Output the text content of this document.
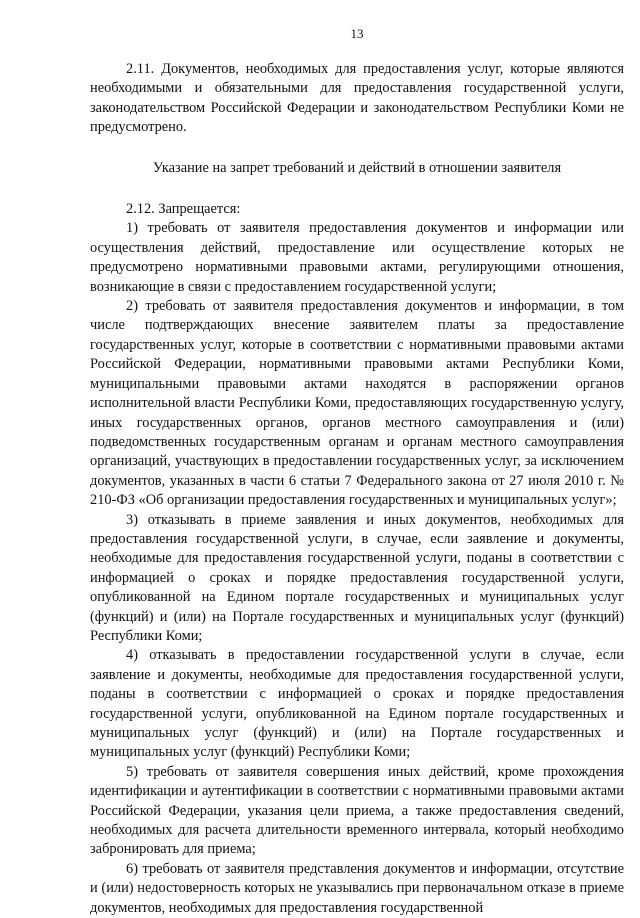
13

2.11. Документов, необходимых для предоставления услуг, которые являются необходимыми и обязательными для предоставления государственной услуги, законодательством Российской Федерации и законодательством Республики Коми не предусмотрено.

Указание на запрет требований и действий в отношении заявителя

2.12. Запрещается:

1) требовать от заявителя предоставления документов и информации или осуществления действий, предоставление или осуществление которых не предусмотрено нормативными правовыми актами, регулирующими отношения, возникающие в связи с предоставлением государственной услуги;

2) требовать от заявителя предоставления документов и информации, в том числе подтверждающих внесение заявителем платы за предоставление государственных услуг, которые в соответствии с нормативными правовыми актами Российской Федерации, нормативными правовыми актами Республики Коми, муниципальными правовыми актами находятся в распоряжении органов исполнительной власти Республики Коми, предоставляющих государственную услугу, иных государственных органов, органов местного самоуправления и (или) подведомственных государственным органам и органам местного самоуправления организаций, участвующих в предоставлении государственных услуг, за исключением документов, указанных в части 6 статьи 7 Федерального закона от 27 июля 2010 г. № 210-ФЗ «Об организации предоставления государственных и муниципальных услуг»;

3) отказывать в приеме заявления и иных документов, необходимых для предоставления государственной услуги, в случае, если заявление и документы, необходимые для предоставления государственной услуги, поданы в соответствии с информацией о сроках и порядке предоставления государственной услуги, опубликованной на Едином портале государственных и муниципальных услуг (функций) и (или) на Портале государственных и муниципальных услуг (функций) Республики Коми;

4) отказывать в предоставлении государственной услуги в случае, если заявление и документы, необходимые для предоставления государственной услуги, поданы в соответствии с информацией о сроках и порядке предоставления государственной услуги, опубликованной на Едином портале государственных и муниципальных услуг (функций) и (или) на Портале государственных и муниципальных услуг (функций) Республики Коми;

5) требовать от заявителя совершения иных действий, кроме прохождения идентификации и аутентификации в соответствии с нормативными правовыми актами Российской Федерации, указания цели приема, а также предоставления сведений, необходимых для расчета длительности временного интервала, который необходимо забронировать для приема;

6) требовать от заявителя представления документов и информации, отсутствие и (или) недостоверность которых не указывались при первоначальном отказе в приеме документов, необходимых для предоставления государственной
